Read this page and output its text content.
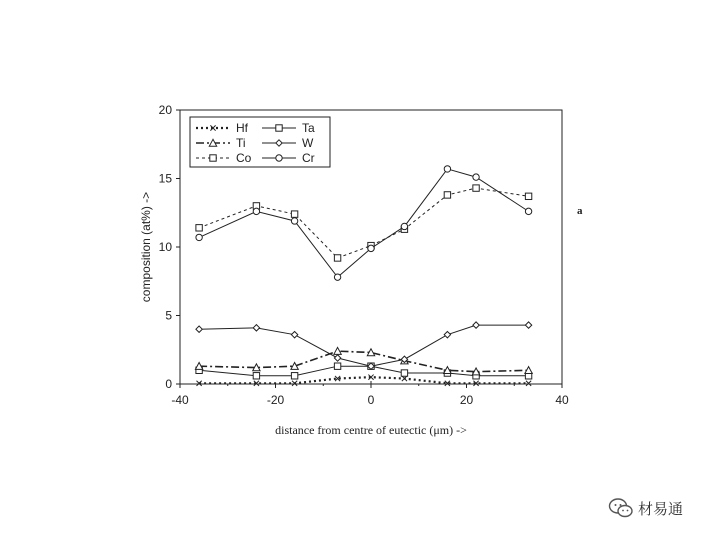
-40	-20	0	20	40
0
5
10
15
20
Hf	Ta
Ti	W
Co	Cr
composition (at%) ->
distance from centre of eutectic (μm) ->
a
材易通
